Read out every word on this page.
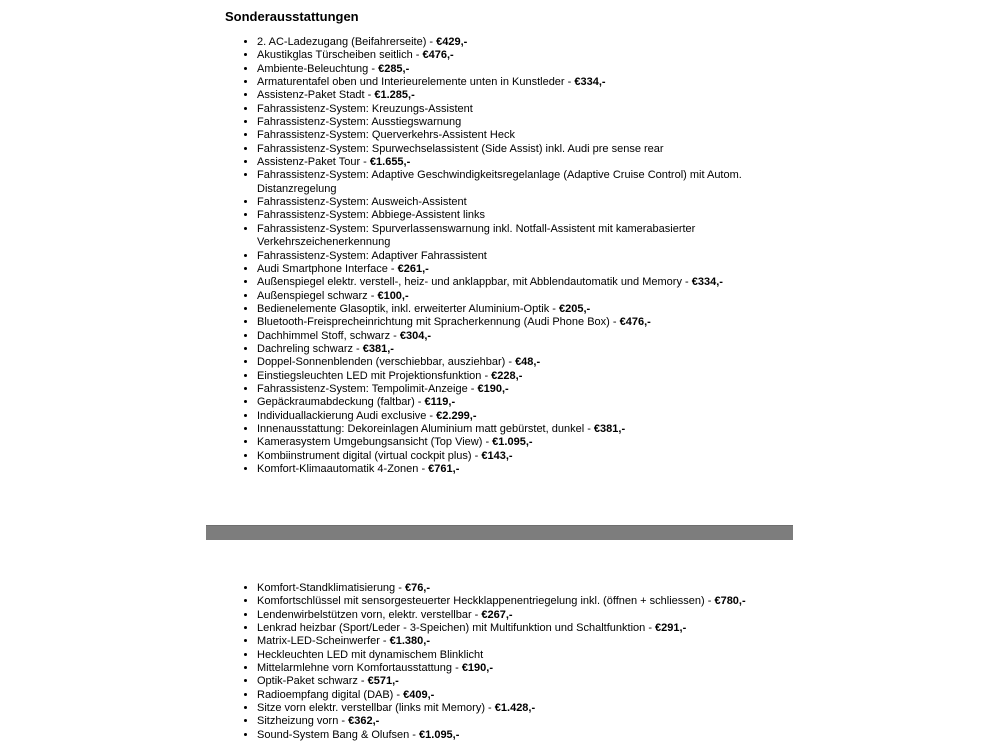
Sonderausstattungen
• 2. AC-Ladezugang (Beifahrerseite) - €429,-
• Akustikglas Türscheiben seitlich - €476,-
• Ambiente-Beleuchtung - €285,-
• Armaturentafel oben und Interieurelemente unten in Kunstleder - €334,-
• Assistenz-Paket Stadt - €1.285,-
• Fahrassistenz-System: Kreuzungs-Assistent
• Fahrassistenz-System: Ausstiegswarnung
• Fahrassistenz-System: Querverkehrs-Assistent Heck
• Fahrassistenz-System: Spurwechselassistent (Side Assist) inkl. Audi pre sense rear
• Assistenz-Paket Tour - €1.655,-
• Fahrassistenz-System: Adaptive Geschwindigkeitsregelanlage (Adaptive Cruise Control) mit Autom. Distanzregelung
• Fahrassistenz-System: Ausweich-Assistent
• Fahrassistenz-System: Abbiege-Assistent links
• Fahrassistenz-System: Spurverlassenswarnung inkl. Notfall-Assistent mit kamerabasierter Verkehrszeichenerkennung
• Fahrassistenz-System: Adaptiver Fahrassistent
• Audi Smartphone Interface - €261,-
• Außenspiegel elektr. verstell-, heiz- und anklappbar, mit Abblendautomatik und Memory - €334,-
• Außenspiegel schwarz - €100,-
• Bedienelemente Glasoptik, inkl. erweiterter Aluminium-Optik - €205,-
• Bluetooth-Freisprecheinrichtung mit Spracherkennung (Audi Phone Box) - €476,-
• Dachhimmel Stoff, schwarz - €304,-
• Dachreling schwarz - €381,-
• Doppel-Sonnenblenden (verschiebbar, ausziehbar) - €48,-
• Einstiegsleuchten LED mit Projektionsfunktion - €228,-
• Fahrassistenz-System: Tempolimit-Anzeige - €190,-
• Gepäckraumabdeckung (faltbar) - €119,-
• Individuallackierung Audi exclusive - €2.299,-
• Innenausstattung: Dekoreinlagen Aluminium matt gebürstet, dunkel - €381,-
• Kamerasystem Umgebungsansicht (Top View) - €1.095,-
• Kombiinstrument digital (virtual cockpit plus) - €143,-
• Komfort-Klimaautomatik 4-Zonen - €761,-
• Komfort-Standklimatisierung - €76,-
• Komfortschlüssel mit sensorgesteuerter Heckklappenentriegelung inkl. (öffnen + schliessen) - €780,-
• Lendenwirbelstützen vorn, elektr. verstellbar - €267,-
• Lenkrad heizbar (Sport/Leder - 3-Speichen) mit Multifunktion und Schaltfunktion - €291,-
• Matrix-LED-Scheinwerfer - €1.380,-
• Heckleuchten LED mit dynamischem Blinklicht
• Mittelarmlehne vorn Komfortausstattung - €190,-
• Optik-Paket schwarz - €571,-
• Radioempfang digital (DAB) - €409,-
• Sitze vorn elektr. verstellbar (links mit Memory) - €1.428,-
• Sitzheizung vorn - €362,-
• Sound-System Bang & Olufsen - €1.095,-
